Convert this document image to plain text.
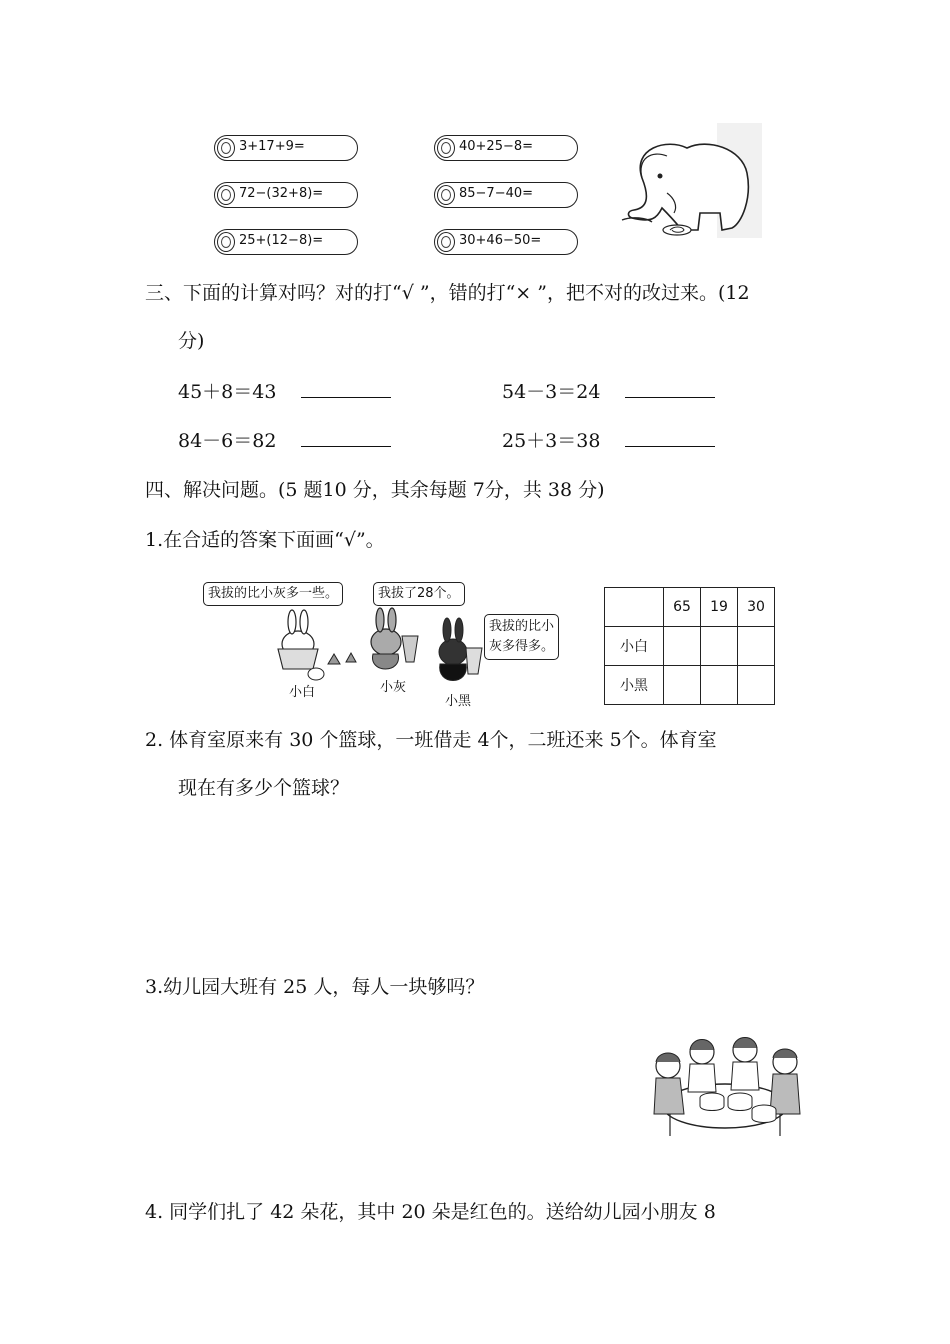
3+17+9=
72−(32+8)=
25+(12−8)=
40+25−8=
85−7−40=
30+46−50=
三、下面的计算对吗？对的打“√ ”，错的打“× ”，把不对的改过来。(12
分)
45＋8＝43	54－3＝24
84－6＝82	25＋3＝38
四、解决问题。(5 题10 分，其余每题 7分，共 38 分)
1.在合适的答案下面画“√”。
我拔的比小灰多一些。	我拔了28个。
我拔的比小
灰多得多。
小白	小灰
小黑
	65	19	30
小白			
小黑			
2. 体育室原来有 30 个篮球，一班借走 4个，二班还来 5个。体育室
现在有多少个篮球？
3.幼儿园大班有 25 人，每人一块够吗？
4. 同学们扎了 42 朵花，其中 20 朵是红色的。送给幼儿园小朋友 8
